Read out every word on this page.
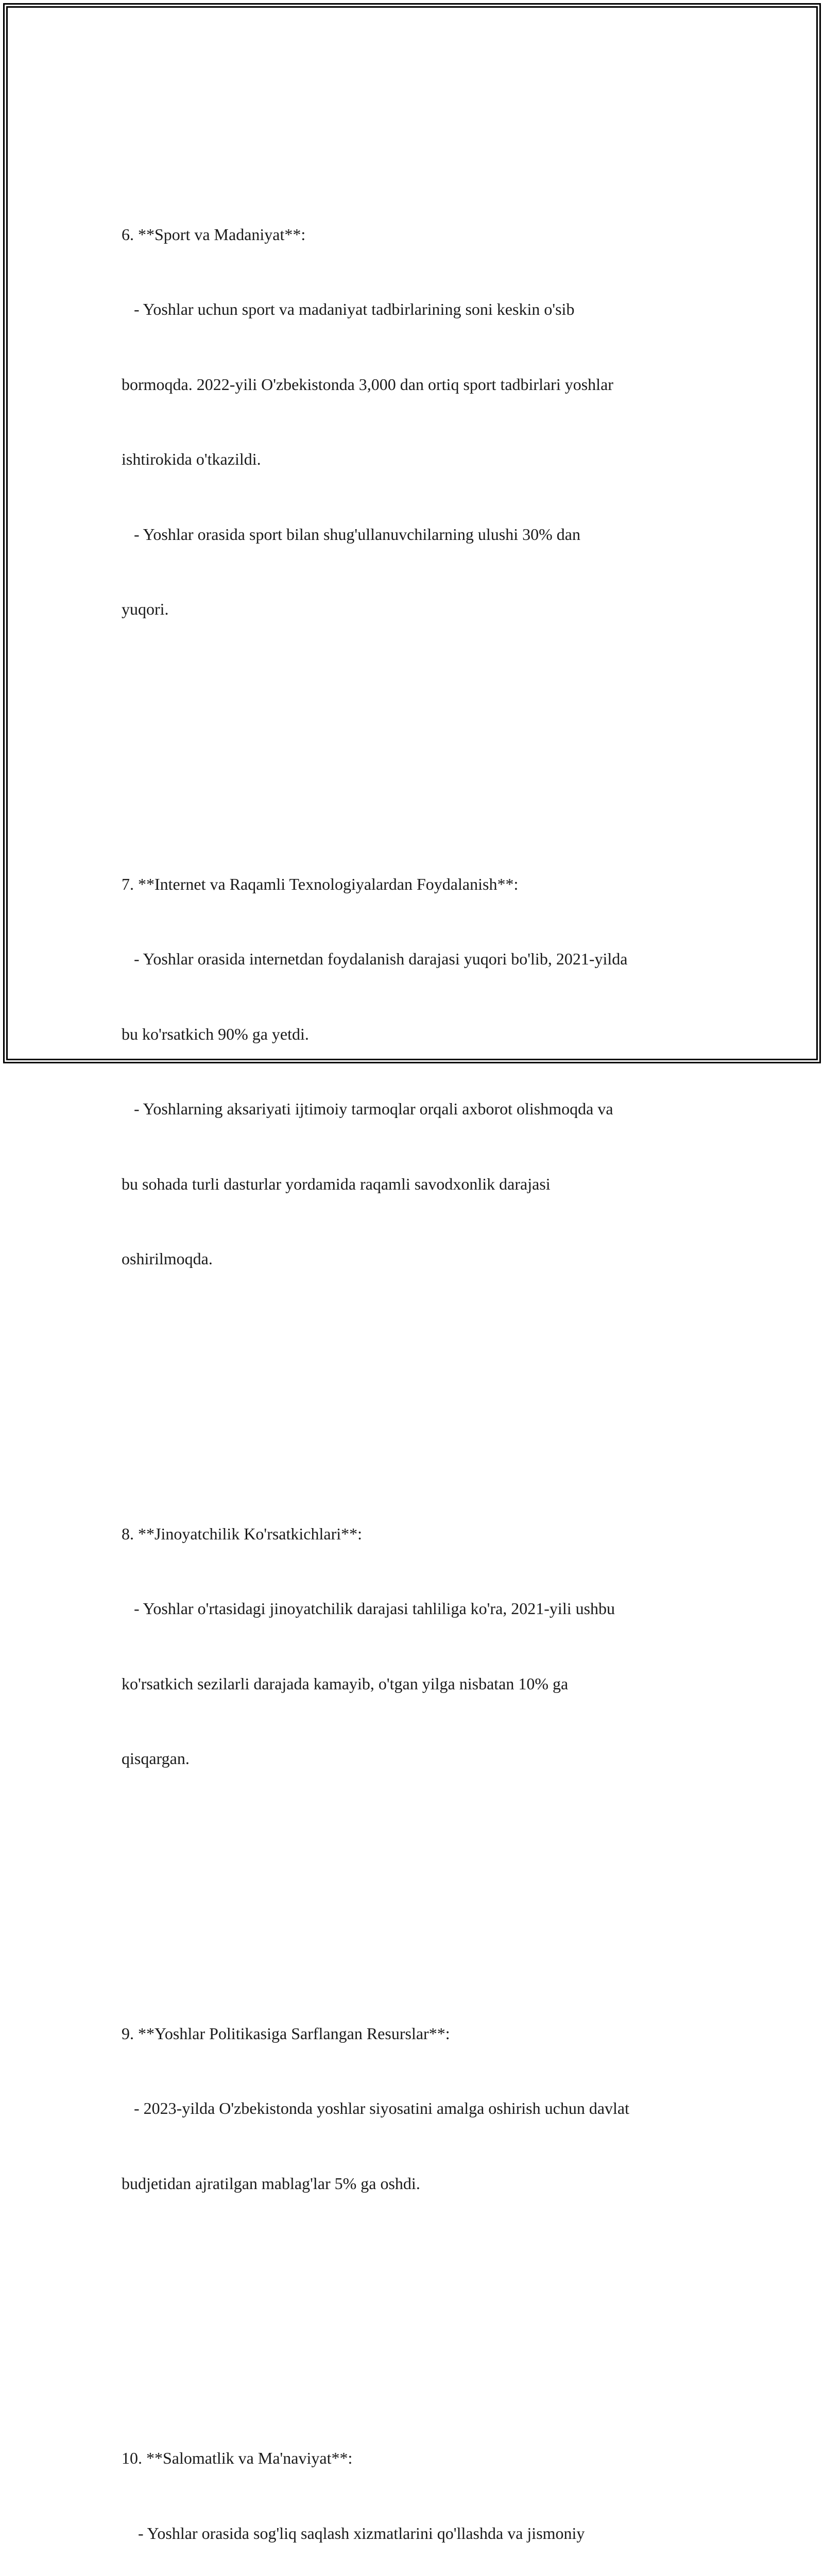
6. **Sport va Madaniyat**:

- Yoshlar uchun sport va madaniyat tadbirlarining soni keskin o'sib

bormoqda. 2022-yili O'zbekistonda 3,000 dan ortiq sport tadbirlari yoshlar

ishtirokida o'tkazildi.

- Yoshlar orasida sport bilan shug'ullanuvchilarning ulushi 30% dan

yuqori.

7. **Internet va Raqamli Texnologiyalardan Foydalanish**:

- Yoshlar orasida internetdan foydalanish darajasi yuqori bo'lib, 2021-yilda

bu ko'rsatkich 90% ga yetdi.

- Yoshlarning aksariyati ijtimoiy tarmoqlar orqali axborot olishmoqda va

bu sohada turli dasturlar yordamida raqamli savodxonlik darajasi

oshirilmoqda.

8. **Jinoyatchilik Ko'rsatkichlari**:

- Yoshlar o'rtasidagi jinoyatchilik darajasi tahliliga ko'ra, 2021-yili ushbu

ko'rsatkich sezilarli darajada kamayib, o'tgan yilga nisbatan 10% ga

qisqargan.

9. **Yoshlar Politikasiga Sarflangan Resurslar**:

- 2023-yilda O'zbekistonda yoshlar siyosatini amalga oshirish uchun davlat

budjetidan ajratilgan mablag'lar 5% ga oshdi.

10. **Salomatlik va Ma'naviyat**:

- Yoshlar orasida sog'liq saqlash xizmatlarini qo'llashda va jismoniy
